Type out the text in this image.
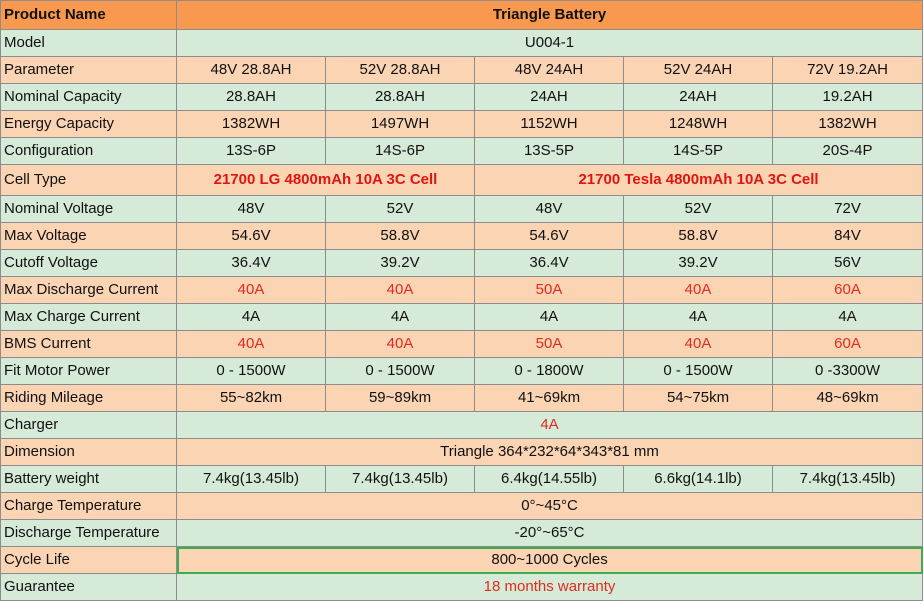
Product Name	Triangle Battery				
Model	U004-1				
Parameter	48V 28.8AH	52V 28.8AH	48V 24AH	52V 24AH	72V 19.2AH
Nominal Capacity	28.8AH	28.8AH	24AH	24AH	19.2AH
Energy Capacity	1382WH	1497WH	1152WH	1248WH	1382WH
Configuration	13S-6P	14S-6P	13S-5P	14S-5P	20S-4P
Cell Type	21700 LG 4800mAh 10A 3C Cell		21700 Tesla 4800mAh 10A 3C Cell		
Nominal Voltage	48V	52V	48V	52V	72V
Max Voltage	54.6V	58.8V	54.6V	58.8V	84V
Cutoff Voltage	36.4V	39.2V	36.4V	39.2V	56V
Max Discharge Current	40A	40A	50A	40A	60A
Max Charge Current	4A	4A	4A	4A	4A
BMS Current	40A	40A	50A	40A	60A
Fit Motor Power	0 - 1500W	0 - 1500W	0 - 1800W	0 - 1500W	0 -3300W
Riding Mileage	55~82km	59~89km	41~69km	54~75km	48~69km
Charger	4A				
Dimension	Triangle 364*232*64*343*81 mm				
Battery weight	7.4kg(13.45lb)	7.4kg(13.45lb)	6.4kg(14.55lb)	6.6kg(14.1lb)	7.4kg(13.45lb)
Charge Temperature	0°~45°C				
Discharge Temperature	-20°~65°C				
Cycle Life	800~1000 Cycles				
Guarantee	18 months warranty				
